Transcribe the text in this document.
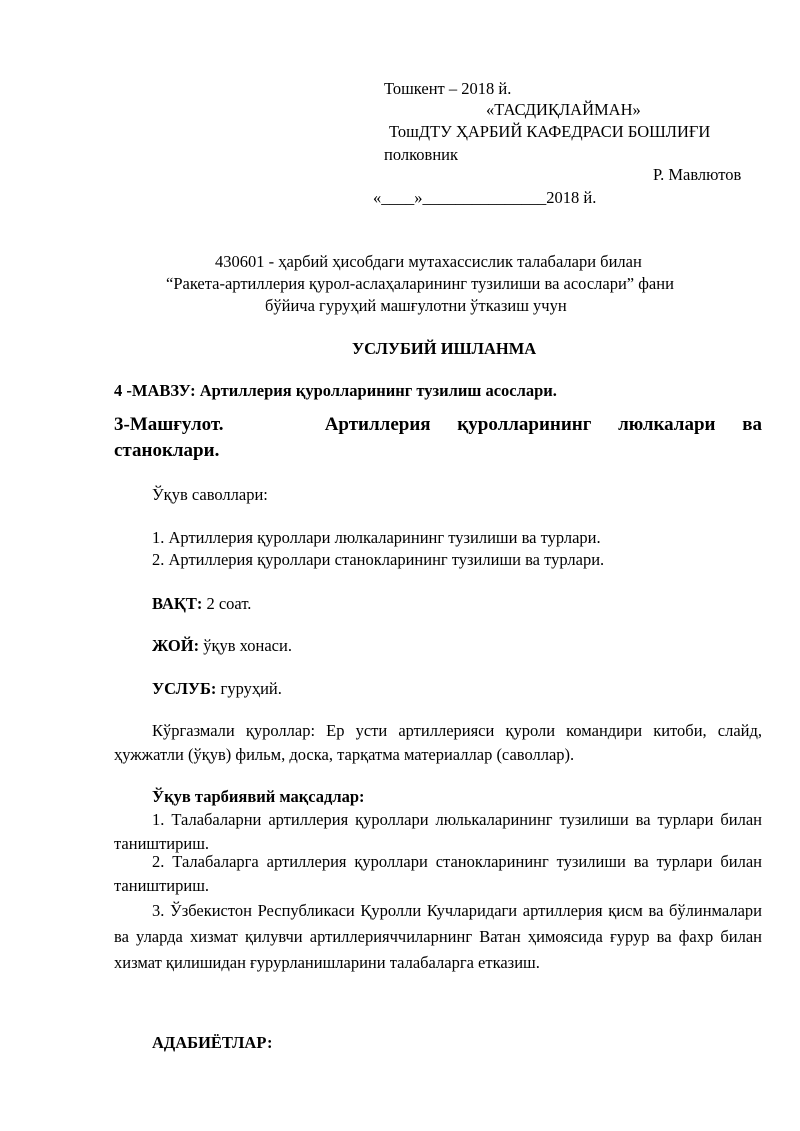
Тошкент – 2018 й.
«ТАСДИҚЛАЙМАН»
ТошДТУ ҲАРБИЙ КАФЕДРАСИ БОШЛИҒИ
полковник
Р. Мавлютов
«____»_______________2018 й.
430601 - ҳарбий ҳисобдаги мутахассислик талабалари билан
“Ракета-артиллерия қурол-аслаҳаларининг тузилиши ва асослари” фани
бўйича гуруҳий машғулотни ўтказиш учун
УСЛУБИЙ ИШЛАНМА
4 -МАВЗУ: Артиллерия қуролларининг тузилиш асослари.
3-Машғулот.	Артиллерия қуролларининг люлкалари ва
станоклари.
Ўқув саволлари:
1. Артиллерия қуроллари люлкаларининг тузилиши ва турлари.
2. Артиллерия қуроллари станокларининг тузилиши ва турлари.
ВАҚТ: 2 соат.
ЖОЙ: ўқув хонаси.
УСЛУБ: гуруҳий.
Кўргазмали қуроллар: Ер усти артиллерияси қуроли командири китоби, слайд, ҳужжатли (ўқув) фильм, доска, тарқатма материаллар (саволлар).
Ўқув тарбиявий мақсадлар:
1. Талабаларни артиллерия қуроллари люлькаларининг тузилиши ва турлари билан таништириш.
2. Талабаларга артиллерия қуроллари станокларининг тузилиши ва турлари билан таништириш.
3. Ўзбекистон Республикаси Қуролли Кучларидаги артиллерия қисм ва бўлинмалари ва уларда хизмат қилувчи артиллерияччиларнинг Ватан ҳимоясида ғурур ва фахр билан хизмат қилишидан ғурурланишларини талабаларга етказиш.
АДАБИЁТЛАР:
